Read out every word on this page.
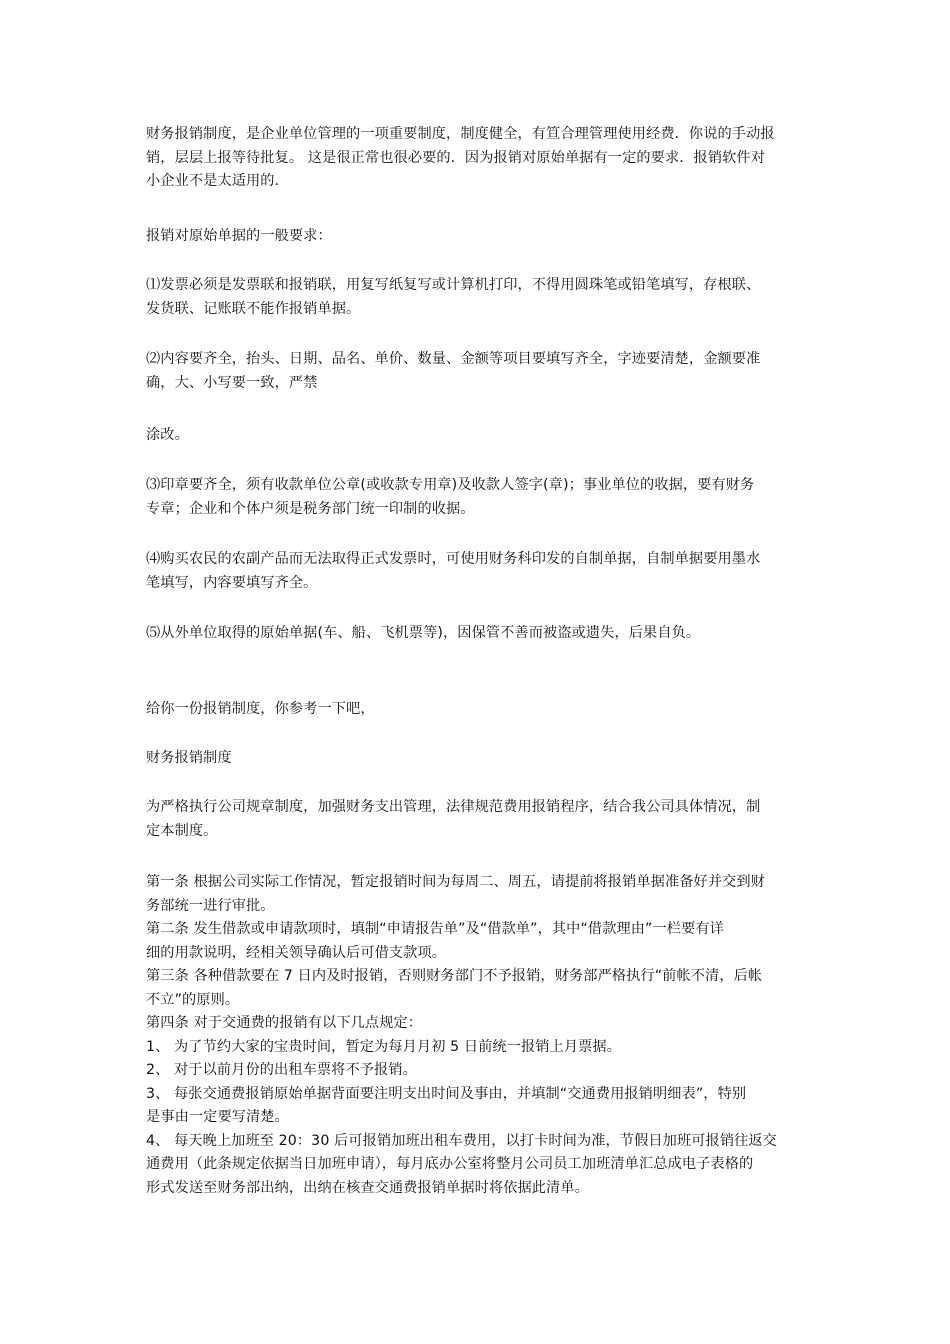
财务报销制度，是企业单位管理的一项重要制度，制度健全，有笪合理管理使用经费．你说的手动报
销，层层上报等待批复。 这是很正常也很必要的．因为报销对原始单据有一定的要求．报销软件对
小企业不是太适用的．
报销对原始单据的一般要求：
⑴发票必须是发票联和报销联，用复写纸复写或计算机打印，不得用圆珠笔或铅笔填写，存根联、
发货联、记账联不能作报销单据。
⑵内容要齐全，抬头、日期、品名、单价、数量、金额等项目要填写齐全，字迹要清楚，金额要准
确，大、小写要一致，严禁
涂改。
⑶印章要齐全，须有收款单位公章(或收款专用章)及收款人签字(章)；事业单位的收据，要有财务
专章；企业和个体户须是税务部门统一印制的收据。
⑷购买农民的农副产品而无法取得正式发票时，可使用财务科印发的自制单据，自制单据要用墨水
笔填写，内容要填写齐全。
⑸从外单位取得的原始单据(车、船、飞机票等)，因保管不善而被盗或遗失，后果自负。
给你一份报销制度，你参考一下吧，
财务报销制度
为严格执行公司规章制度，加强财务支出管理，法律规范费用报销程序，结合我公司具体情况，制
定本制度。
第一条 根据公司实际工作情况，暂定报销时间为每周二、周五，请提前将报销单据准备好并交到财
务部统一进行审批。
第二条 发生借款或申请款项时，填制“申请报告单”及“借款单”，其中“借款理由”一栏要有详
细的用款说明，经相关领导确认后可借支款项。
第三条 各种借款要在 7 日内及时报销，否则财务部门不予报销，财务部严格执行“前帐不清，后帐
不立”的原则。
第四条 对于交通费的报销有以下几点规定：
1、 为了节约大家的宝贵时间，暂定为每月月初 5 日前统一报销上月票据。
2、 对于以前月份的出租车票将不予报销。
3、 每张交通费报销原始单据背面要注明支出时间及事由，并填制“交通费用报销明细表”，特别
是事由一定要写清楚。
4、 每天晚上加班至 20：30 后可报销加班出租车费用，以打卡时间为准，节假日加班可报销往返交
通费用（此条规定依据当日加班申请），每月底办公室将整月公司员工加班清单汇总成电子表格的
形式发送至财务部出纳，出纳在核查交通费报销单据时将依据此清单。
